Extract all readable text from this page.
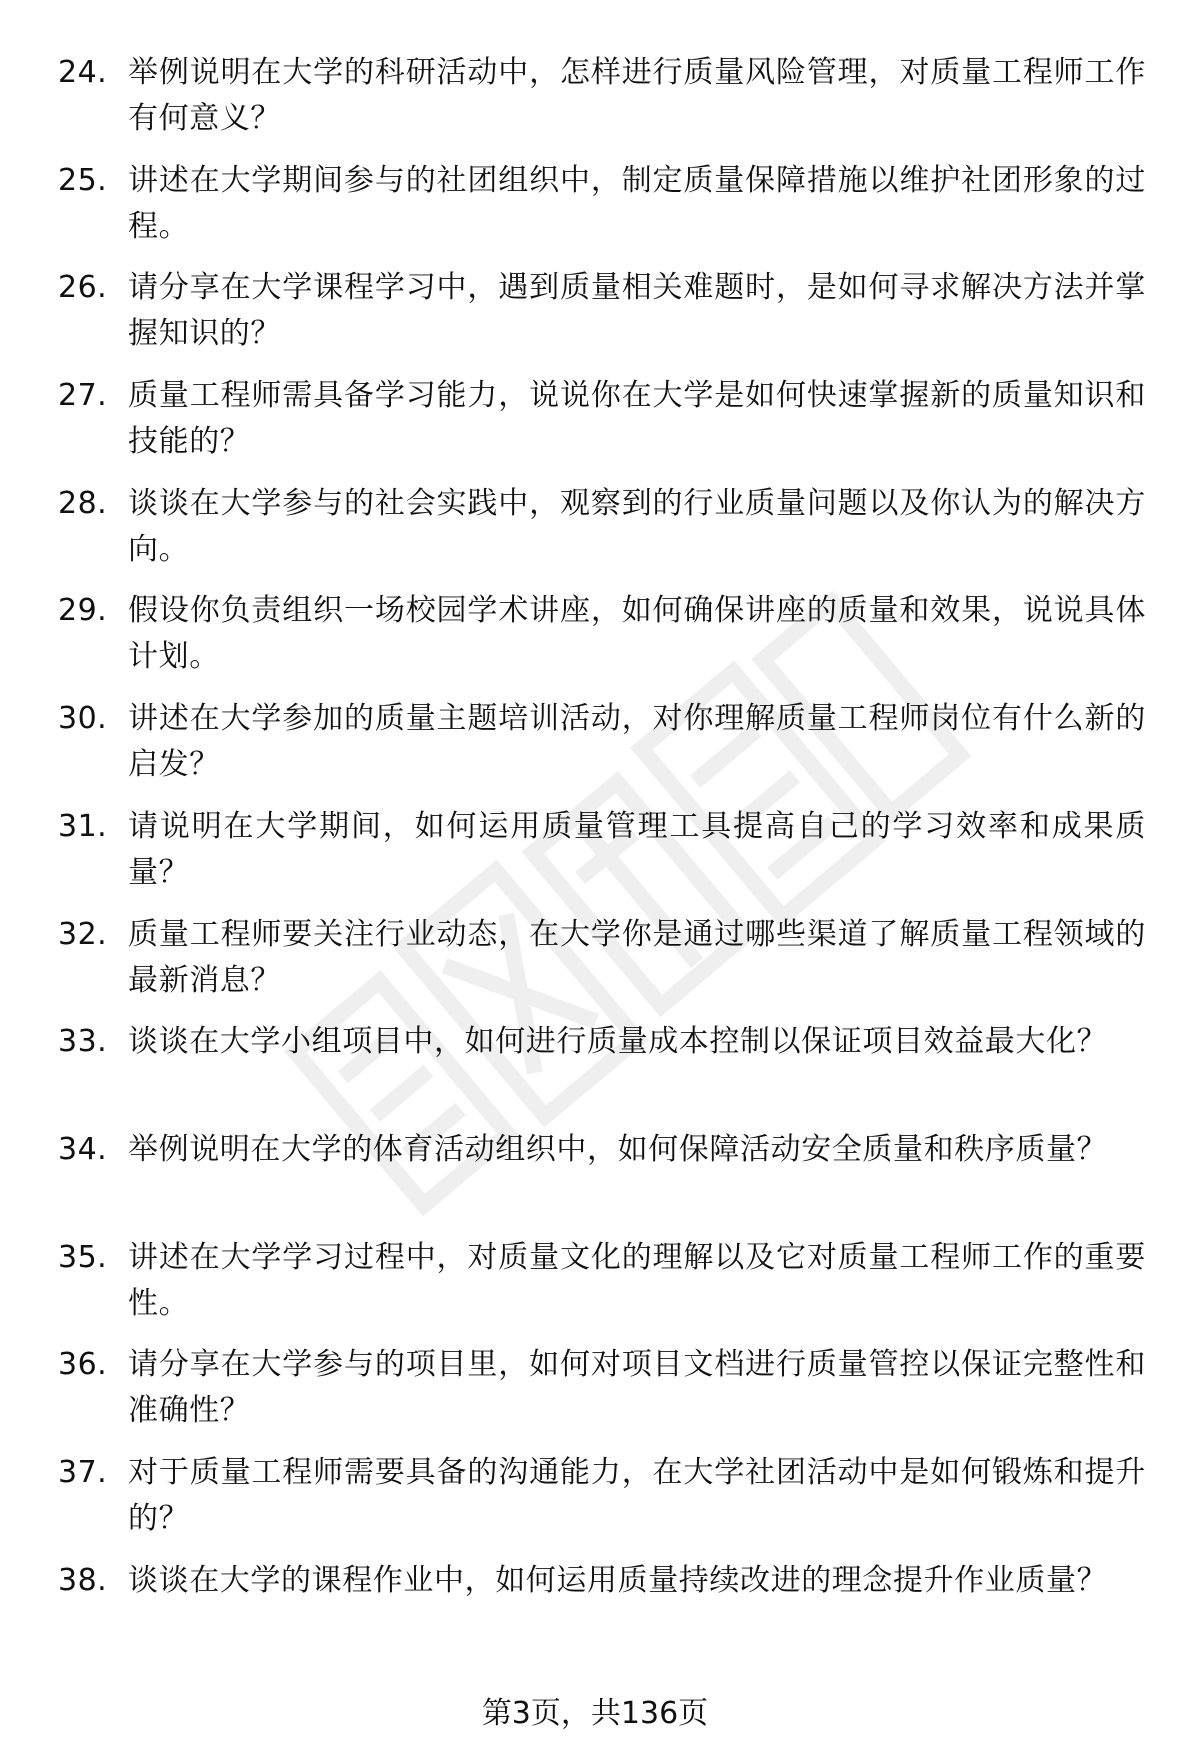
24. 举例说明在大学的科研活动中，怎样进行质量风险管理，对质量工程师工作有何意义？
25. 讲述在大学期间参与的社团组织中，制定质量保障措施以维护社团形象的过程。
26. 请分享在大学课程学习中，遇到质量相关难题时，是如何寻求解决方法并掌握知识的？
27. 质量工程师需具备学习能力，说说你在大学是如何快速掌握新的质量知识和技能的？
28. 谈谈在大学参与的社会实践中，观察到的行业质量问题以及你认为的解决方向。
29. 假设你负责组织一场校园学术讲座，如何确保讲座的质量和效果，说说具体计划。
30. 讲述在大学参加的质量主题培训活动，对你理解质量工程师岗位有什么新的启发？
31. 请说明在大学期间，如何运用质量管理工具提高自己的学习效率和成果质量？
32. 质量工程师要关注行业动态，在大学你是通过哪些渠道了解质量工程领域的最新消息？
33. 谈谈在大学小组项目中，如何进行质量成本控制以保证项目效益最大化？
34. 举例说明在大学的体育活动组织中，如何保障活动安全质量和秩序质量？
35. 讲述在大学学习过程中，对质量文化的理解以及它对质量工程师工作的重要性。
36. 请分享在大学参与的项目里，如何对项目文档进行质量管控以保证完整性和准确性？
37. 对于质量工程师需要具备的沟通能力，在大学社团活动中是如何锻炼和提升的？
38. 谈谈在大学的课程作业中，如何运用质量持续改进的理念提升作业质量？
第3页，共136页
